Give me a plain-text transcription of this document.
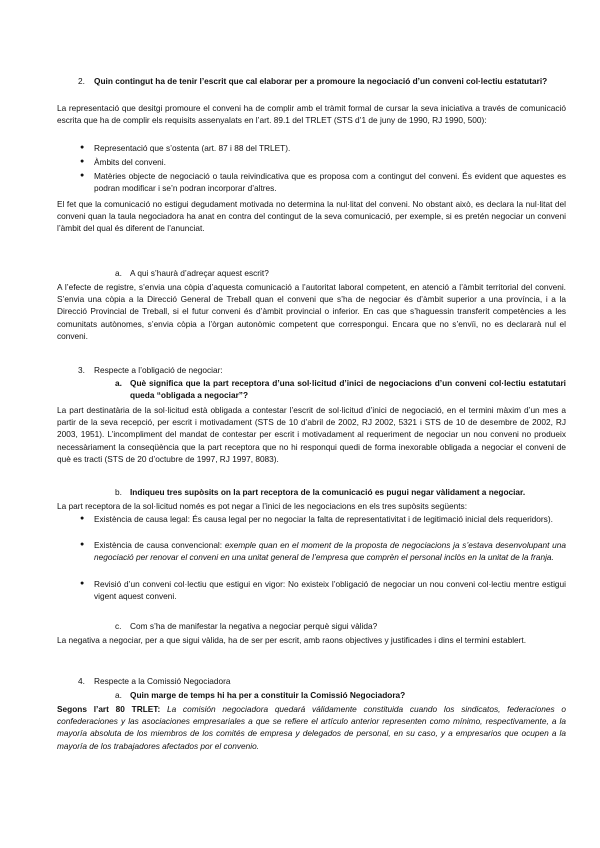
2. Quin contingut ha de tenir l’escrit que cal elaborar per a promoure la negociació d’un conveni col·lectiu estatutari?
La representació que desitgi promoure el conveni ha de complir amb el tràmit formal de cursar la seva iniciativa a través de comunicació escrita que ha de complir els requisits assenyalats en l’art. 89.1 del TRLET (STS d’1 de juny de 1990, RJ 1990, 500):
● Representació que s’ostenta (art. 87 i 88 del TRLET).
● Àmbits del conveni.
● Matèries objecte de negociació o taula reivindicativa que es proposa com a contingut del conveni. És evident que aquestes es podran modificar i se’n podran incorporar d’altres.
El fet que la comunicació no estigui degudament motivada no determina la nul·litat del conveni. No obstant això, es declara la nul·litat del conveni quan la taula negociadora ha anat en contra del contingut de la seva comunicació, per exemple, si es pretén negociar un conveni l’àmbit del qual és diferent de l’anunciat.
a. A qui s’haurà d’adreçar aquest escrit?
A l’efecte de registre, s’envia una còpia d’aquesta comunicació a l’autoritat laboral competent, en atenció a l’àmbit territorial del conveni. S’envia una còpia a la Direcció General de Treball quan el conveni que s’ha de negociar és d’àmbit superior a una província, i a la Direcció Provincial de Treball, si el futur conveni és d’àmbit provincial o inferior. En cas que s’haguessin transferit competències a les comunitats autònomes, s’envia còpia a l’òrgan autonòmic competent que correspongui. Encara que no s’envïi, no es declararà nul el conveni.
3. Respecte a l’obligació de negociar:
a. Què significa que la part receptora d’una sol·licitud d’inici de negociacions d’un conveni col·lectiu estatutari queda “obligada a negociar”?
La part destinatària de la sol·licitud està obligada a contestar l’escrit de sol·licitud d’inici de negociació, en el termini màxim d’un mes a partir de la seva recepció, per escrit i motivadament (STS de 10 d’abril de 2002, RJ 2002, 5321 i STS de 10 de desembre de 2002, RJ 2003, 1951). L’incompliment del mandat de contestar per escrit i motivadament al requeriment de negociar un nou conveni no produeix necessàriament la conseqüència que la part receptora que no hi responqui quedi de forma inexorable obligada a negociar el conveni de què es tracti (STS de 20 d’octubre de 1997, RJ 1997, 8083).
b. Indiqueu tres supòsits on la part receptora de la comunicació es pugui negar vàlidament a negociar.
La part receptora de la sol·licitud només es pot negar a l’inici de les negociacions en els tres supòsits següents:
● Existència de causa legal: És causa legal per no negociar la falta de representativitat i de legitimació inicial dels requeridors).
● Existència de causa convencional: exemple quan en el moment de la proposta de negociacions ja s’estava desenvolupant una negociació per renovar el conveni en una unitat general de l’empresa que comprèn el personal inclòs en la unitat de la franja.
● Revisió d’un conveni col·lectiu que estigui en vigor: No existeix l’obligació de negociar un nou conveni col·lectiu mentre estigui vigent aquest conveni.
c. Com s’ha de manifestar la negativa a negociar perquè sigui vàlida?
La negativa a negociar, per a que sigui vàlida, ha de ser per escrit, amb raons objectives y justificades i dins el termini establert.
4. Respecte a la Comissió Negociadora
a. Quin marge de temps hi ha per a constituir la Comissió Negociadora?
Segons l’art 80 TRLET: La comisión negociadora quedará válidamente constituida cuando los sindicatos, federaciones o confederaciones y las asociaciones empresariales a que se refiere el artículo anterior representen como mínimo, respectivamente, a la mayoría absoluta de los miembros de los comités de empresa y delegados de personal, en su caso, y a empresarios que ocupen a la mayoría de los trabajadores afectados por el convenio.
